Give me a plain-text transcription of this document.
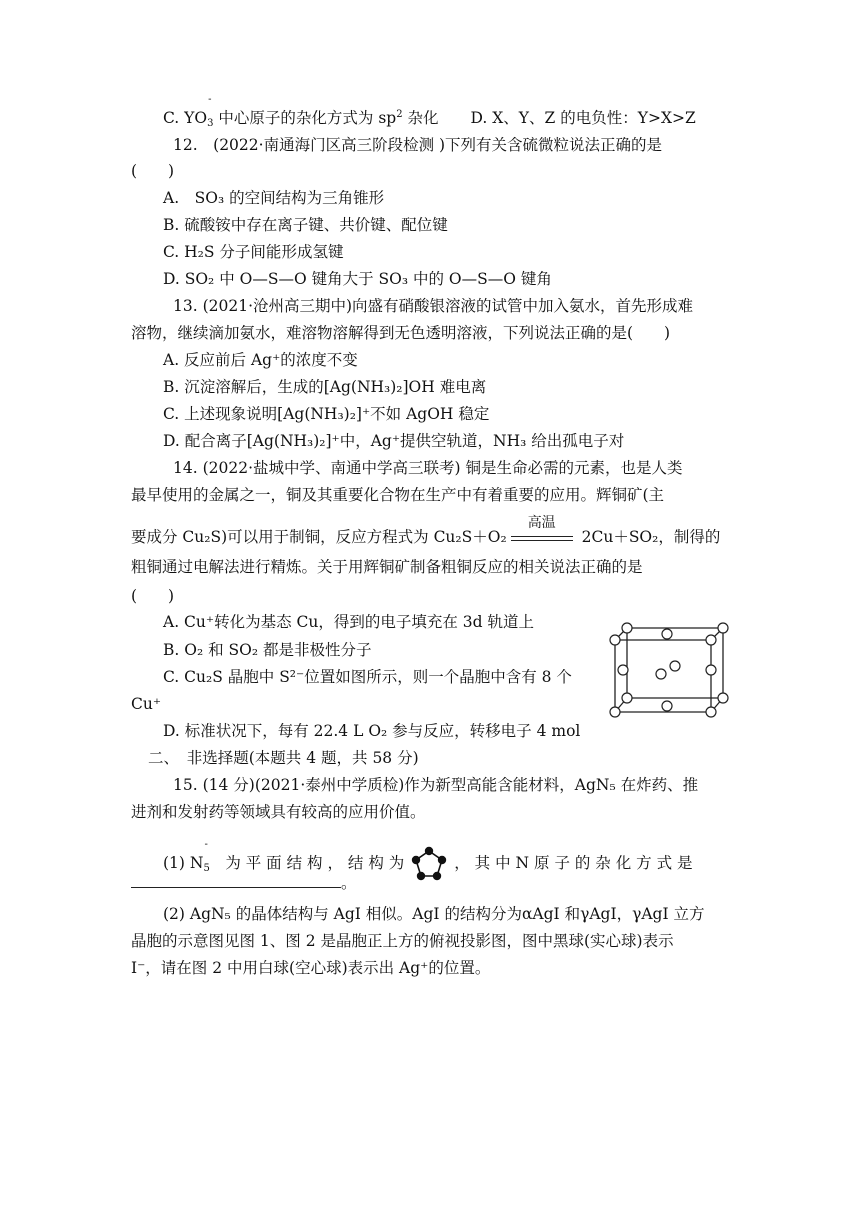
C. YO
$^{- 3}$ 中心原子的杂化方式为 $sp^2$ 杂化 D. X、Y、Z 的电负性：Y>X>Z
12.　(2022·南通海门区高三阶段检测 )下列有关含硫微粒说法正确的是
(　　)
A.　SO₃ 的空间结构为三角锥形
B. 硫酸铵中存在离子键、共价键、配位键
C. H₂S 分子间能形成氢键
D. SO₂ 中 O—S—O 键角大于 SO₃ 中的 O—S—O 键角
13. (2021·沧州高三期中)向盛有硝酸银溶液的试管中加入氨水，首先形成难
溶物，继续滴加氨水，难溶物溶解得到无色透明溶液，下列说法正确的是(　　)
A. 反应前后 Ag⁺的浓度不变
B. 沉淀溶解后，生成的[Ag(NH₃)₂]OH 难电离
C. 上述现象说明[Ag(NH₃)₂]⁺不如 AgOH 稳定
D. 配合离子[Ag(NH₃)₂]⁺中，Ag⁺提供空轨道，NH₃ 给出孤电子对
14. (2022·盐城中学、南通中学高三联考) 铜是生命必需的元素，也是人类
最早使用的金属之一，铜及其重要化合物在生产中有着重要的应用。辉铜矿(主
要成分 Cu₂S)可以用于制铜，反应方程式为 Cu₂S＋O₂
高温
2Cu＋SO₂，制得的
粗铜通过电解法进行精炼。关于用辉铜矿制备粗铜反应的相关说法正确的是
(　　)
A. Cu⁺转化为基态 Cu，得到的电子填充在 3d 轨道上
B. O₂ 和 SO₂ 都是非极性分子
C. Cu₂S 晶胞中 S²⁻位置如图所示，则一个晶胞中含有 8 个
Cu⁺
D. 标准状况下，每有 22.4 L O₂ 参与反应，转移电子 4 mol
二、　非选择题(本题共 4 题，共 58 分)
15. (14 分)(2021·泰州中学质检)作为新型高能含能材料，AgN₅ 在炸药、推
进剂和发射药等领域具有较高的应用价值。
(1) N
$^{- 5}$　为 平 面 结 构 ， 结 构 为	， 其 中 N 原 子 的 杂 化 方 式 是
。
(2) AgN₅ 的晶体结构与 AgI 相似。AgI 的结构分为αAgI 和γAgI，γAgI 立方
晶胞的示意图见图 1、图 2 是晶胞正上方的俯视投影图，图中黑球(实心球)表示
I⁻，请在图 2 中用白球(空心球)表示出 Ag⁺的位置。
